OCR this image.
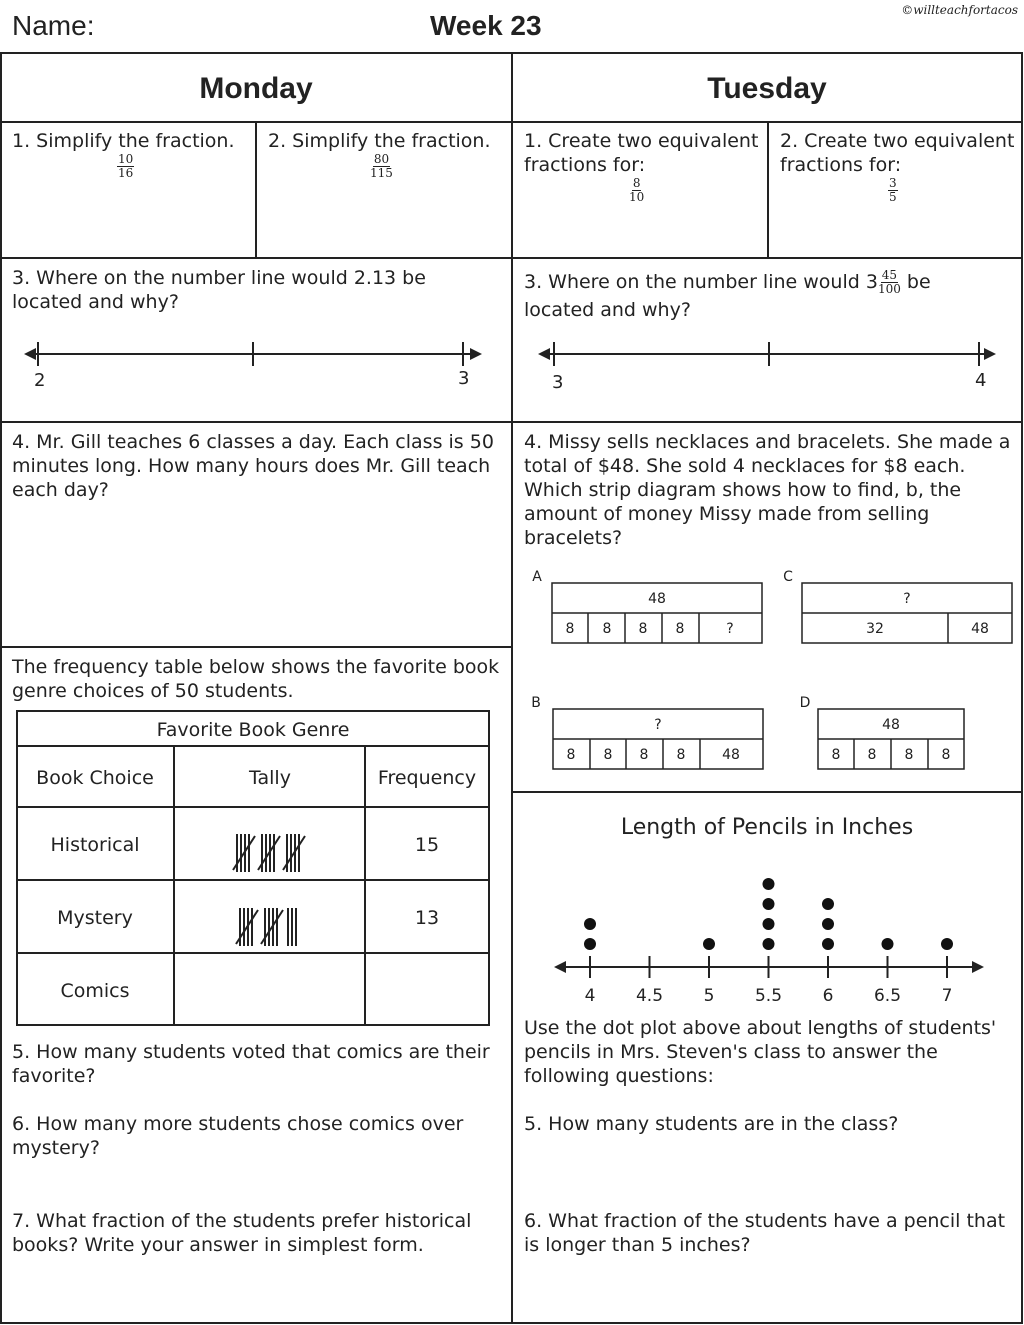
Name:	Week 23	©willteachfortacos
Monday	Tuesday
1. Simplify the fraction.
$\frac{10}{16}$
2. Simplify the fraction.
$\frac{80}{115}$
1. Create two equivalent fractions for:
$\frac{8}{10}$
2. Create two equivalent fractions for:
$\frac{3}{5}$
3. Where on the number line would 2.13 be located and why?
2	3
3. Where on the number line would $3 \frac{45}{100}$ be
located and why?
3	4
4. Mr. Gill teaches 6 classes a day. Each class is 50 minutes long. How many hours does Mr. Gill teach each day?
4. Missy sells necklaces and bracelets. She made a total of $48. She sold 4 necklaces for $8 each. Which strip diagram shows how to find, b, the amount of money Missy made from selling bracelets?
A
48
8 8 8 8	?
C
?
32	48
B
?
8 8 8 8	48
D
48
8 8 8 8
The frequency table below shows the favorite book genre choices of 50 students.
Favorite Book Genre
Book Choice	Tally	Frequency
Historical	15
Mystery	13
Comics
Length of Pencils in Inches
4 4.5 5 5.5 6 6.5 7
Use the dot plot above about lengths of students' pencils in Mrs. Steven's class to answer the following questions:
5. How many students voted that comics are their favorite?
6. How many more students chose comics over mystery?
7. What fraction of the students prefer historical books? Write your answer in simplest form.
5. How many students are in the class?
6. What fraction of the students have a pencil that is longer than 5 inches?
